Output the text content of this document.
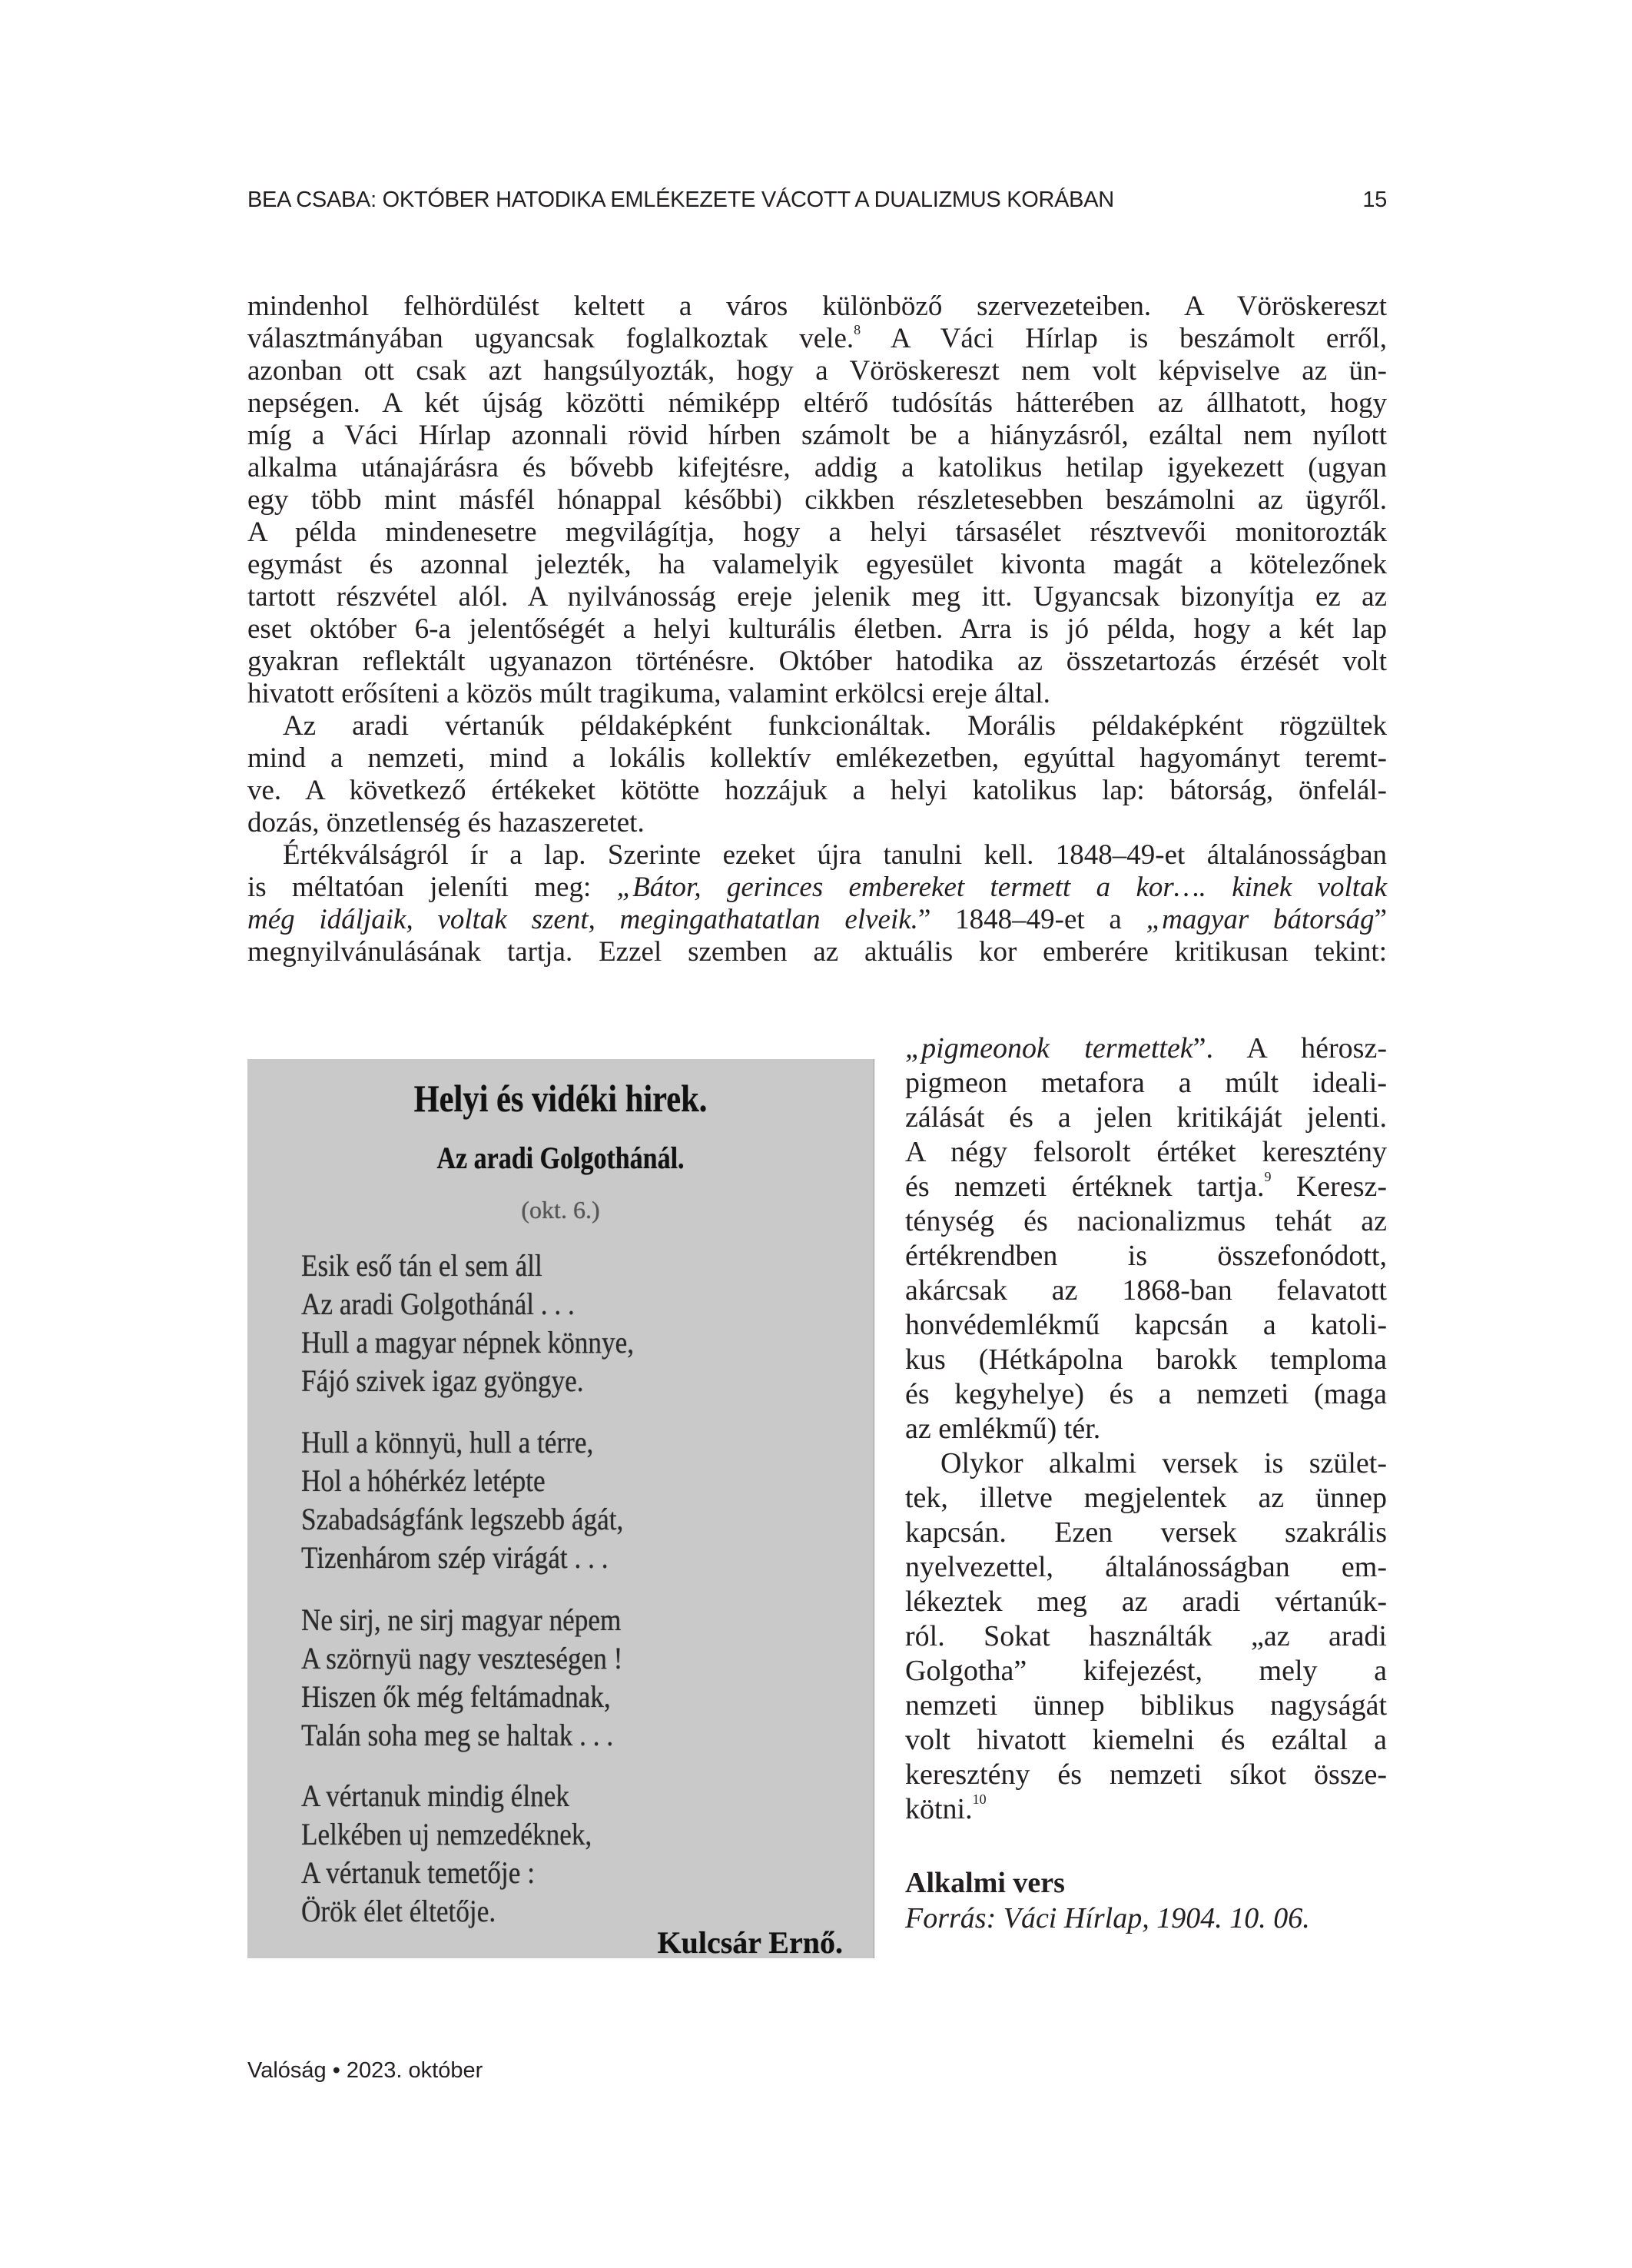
BEA CSABA: OKTÓBER HATODIKA EMLÉKEZETE VÁCOTT A DUALIZMUS KORÁBAN	15
mindenhol felhördülést keltett a város különböző szervezeteiben. A Vöröskereszt
választmányában ugyancsak foglalkoztak vele.$^8$ A Váci Hírlap is beszámolt erről,
azonban ott csak azt hangsúlyozták, hogy a Vöröskereszt nem volt képviselve az ün-
nepségen. A két újság közötti némiképp eltérő tudósítás hátterében az állhatott, hogy
míg a Váci Hírlap azonnali rövid hírben számolt be a hiányzásról, ezáltal nem nyílott
alkalma utánajárásra és bővebb kifejtésre, addig a katolikus hetilap igyekezett (ugyan
egy több mint másfél hónappal későbbi) cikkben részletesebben beszámolni az ügyről.
A példa mindenesetre megvilágítja, hogy a helyi társasélet résztvevői monitorozták
egymást és azonnal jelezték, ha valamelyik egyesület kivonta magát a kötelezőnek
tartott részvétel alól. A nyilvánosság ereje jelenik meg itt. Ugyancsak bizonyítja ez az
eset október 6-a jelentőségét a helyi kulturális életben. Arra is jó példa, hogy a két lap
gyakran reflektált ugyanazon történésre. Október hatodika az összetartozás érzését volt
hivatott erősíteni a közös múlt tragikuma, valamint erkölcsi ereje által.
Az aradi vértanúk példaképként funkcionáltak. Morális példaképként rögzültek
mind a nemzeti, mind a lokális kollektív emlékezetben, egyúttal hagyományt teremt-
ve. A következő értékeket kötötte hozzájuk a helyi katolikus lap: bátorság, önfelál-
dozás, önzetlenség és hazaszeretet.
Értékválságról ír a lap. Szerinte ezeket újra tanulni kell. 1848–49-et általánosságban
is méltatóan jeleníti meg: „Bátor, gerinces embereket termett a kor…. kinek voltak
még idáljaik, voltak szent, megingathatatlan elveik.” 1848–49-et a „magyar bátorság”
megnyilvánulásának tartja. Ezzel szemben az aktuális kor emberére kritikusan tekint:
Helyi és vidéki hirek.
Az aradi Golgothánál.
(okt. 6.)
Esik eső tán el sem áll
Az aradi Golgothánál . . .
Hull a magyar népnek könnye,
Fájó szivek igaz gyöngye.
Hull a könnyü, hull a térre,
Hol a hóhérkéz letépte
Szabadságfánk legszebb ágát,
Tizenhárom szép virágát . . .
Ne sirj, ne sirj magyar népem
A szörnyü nagy veszteségen !
Hiszen ők még feltámadnak,
Talán soha meg se haltak . . .
A vértanuk mindig élnek
Lelkében uj nemzedéknek,
A vértanuk temetője :
Örök élet éltetője.
Kulcsár Ernő.
„pigmeonok termettek”. A hérosz-
pigmeon metafora a múlt ideali-
zálását és a jelen kritikáját jelenti.
A négy felsorolt értéket keresztény
és nemzeti értéknek tartja.$^9$ Keresz-
ténység és nacionalizmus tehát az
értékrendben is összefonódott,
akárcsak az 1868-ban felavatott
honvédemlékmű kapcsán a katoli-
kus (Hétkápolna barokk temploma
és kegyhelye) és a nemzeti (maga
az emlékmű) tér.
Olykor alkalmi versek is szület-
tek, illetve megjelentek az ünnep
kapcsán. Ezen versek szakrális
nyelvezettel, általánosságban em-
lékeztek meg az aradi vértanúk-
ról. Sokat használták „az aradi
Golgotha” kifejezést, mely a
nemzeti ünnep biblikus nagyságát
volt hivatott kiemelni és ezáltal a
keresztény és nemzeti síkot össze-
kötni.$^{10}$
Alkalmi vers
Forrás: Váci Hírlap, 1904. 10. 06.
Valóság • 2023. október
